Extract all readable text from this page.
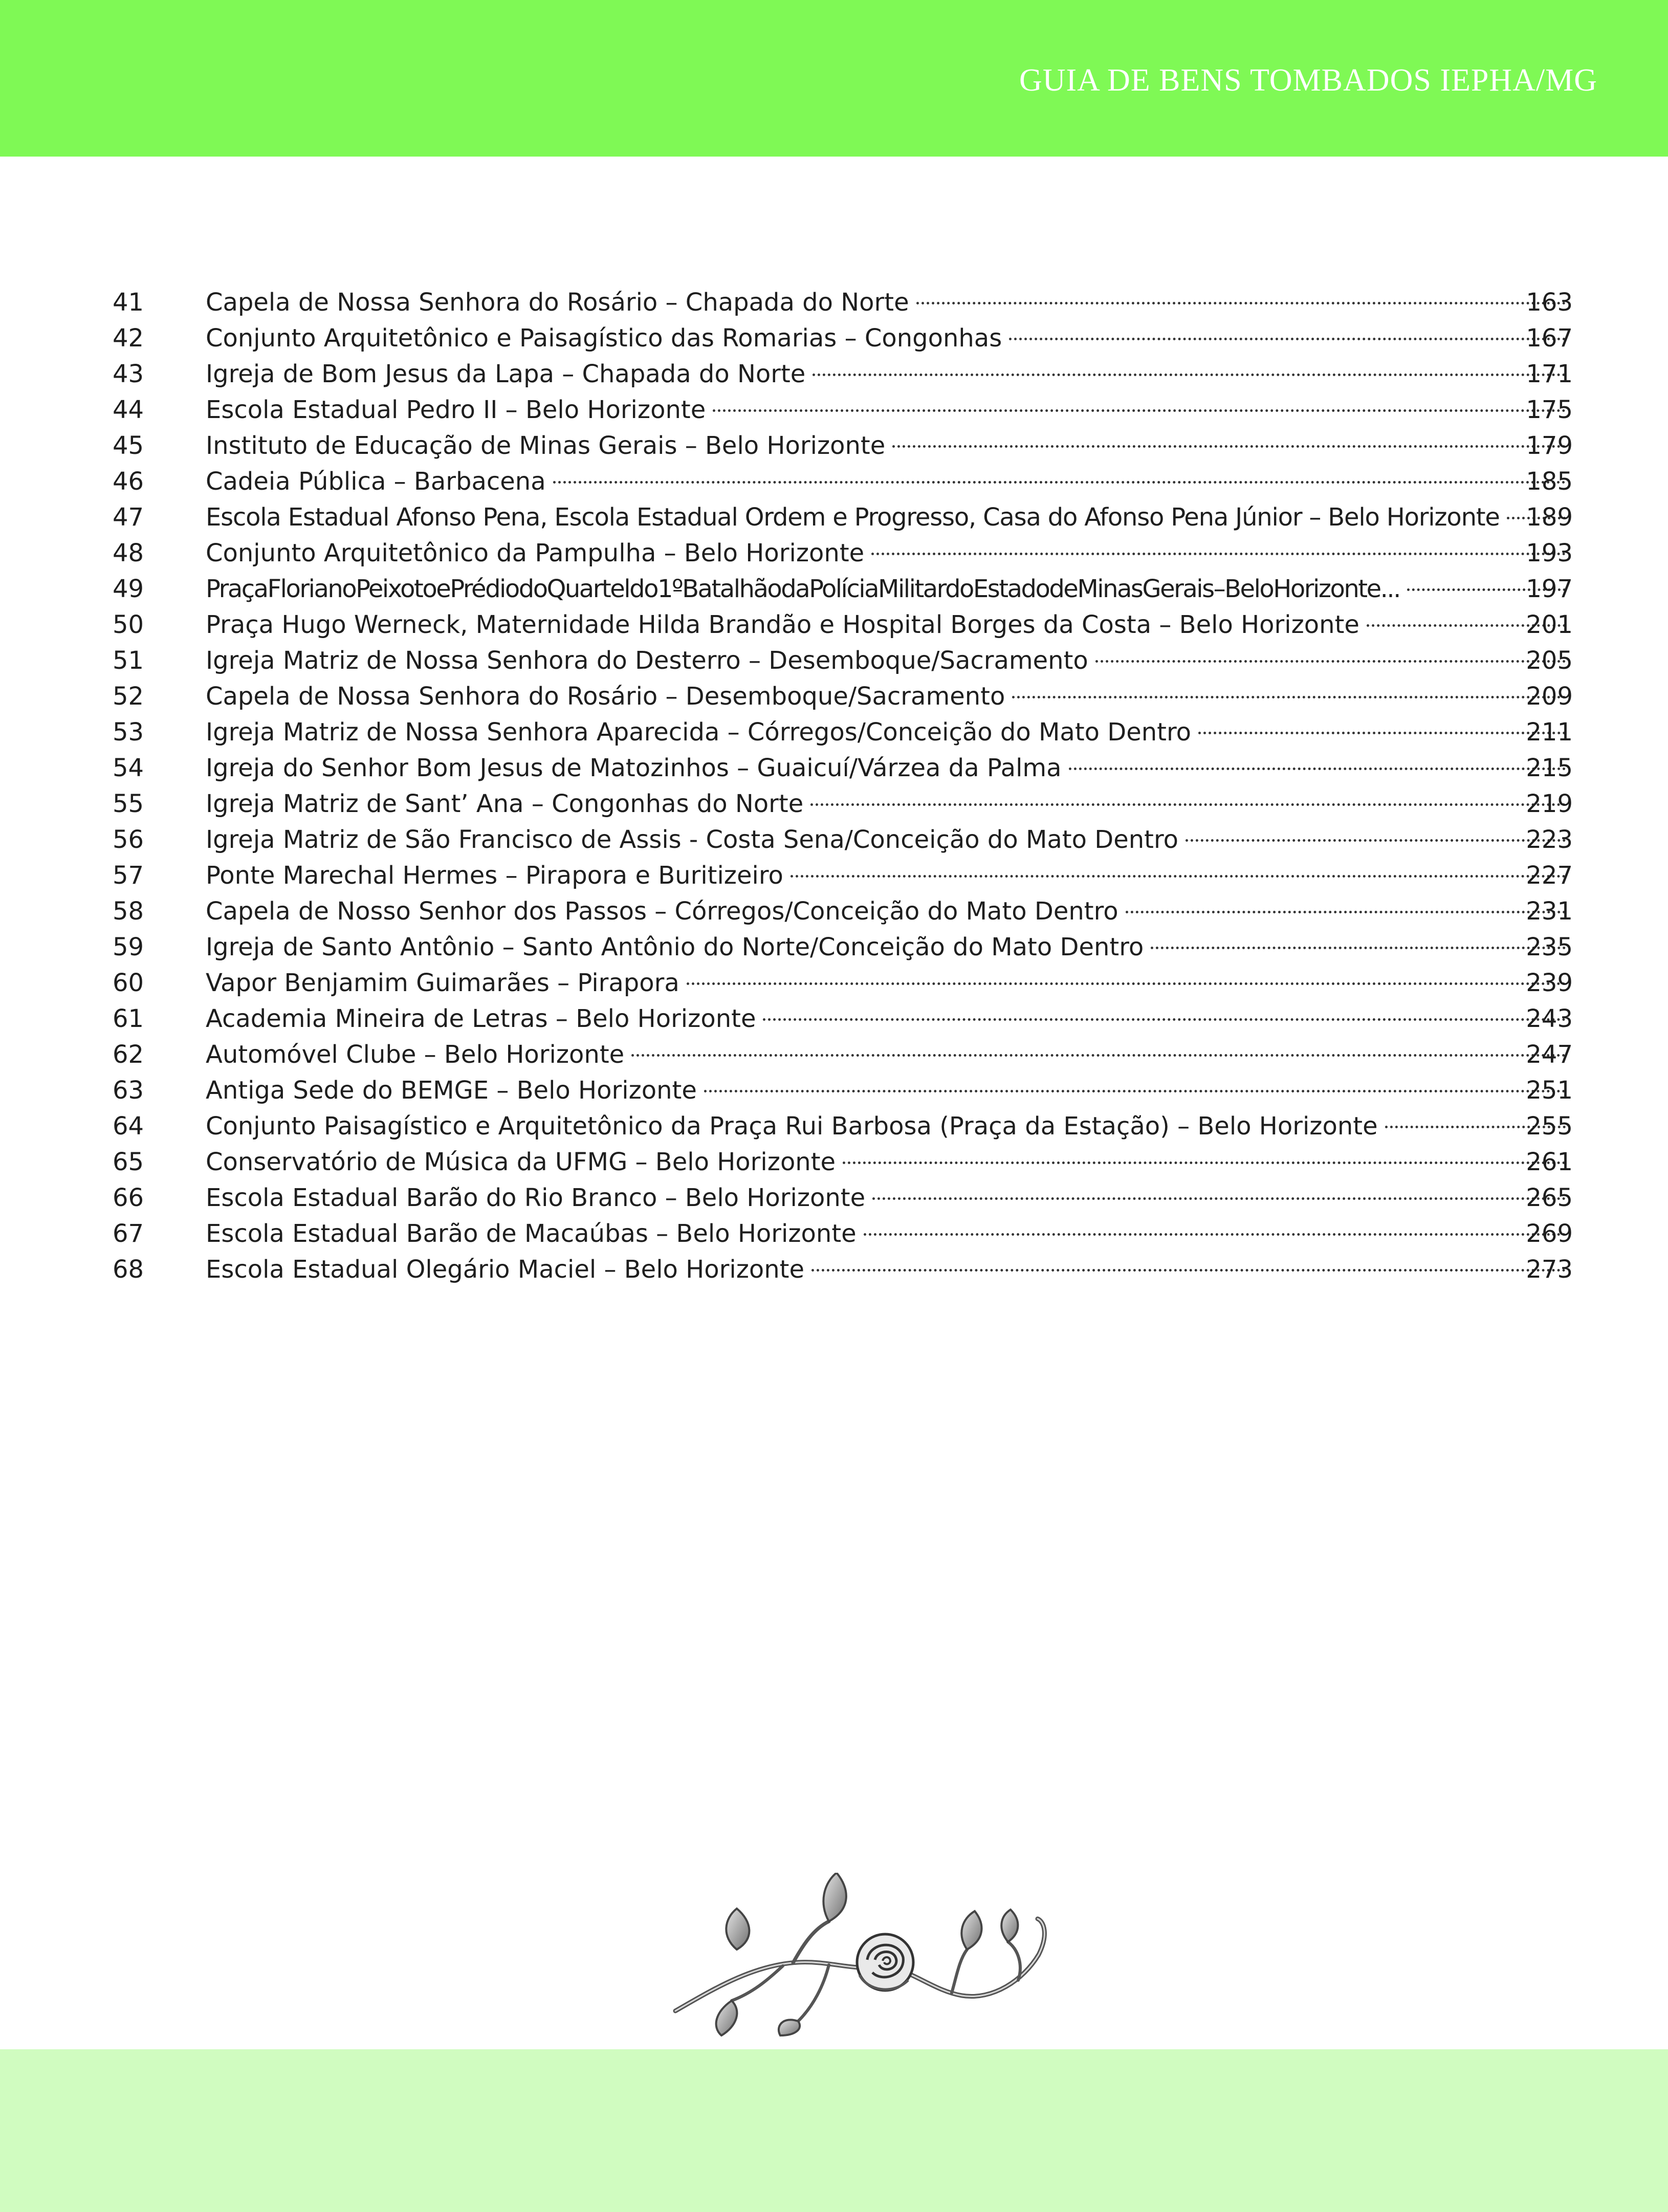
GUIA DE BENS TOMBADOS IEPHA/MG
41	Capela de Nossa Senhora do Rosário – Chapada do Norte	163
42	Conjunto Arquitetônico e Paisagístico das Romarias – Congonhas	167
43	Igreja de Bom Jesus da Lapa – Chapada do Norte	171
44	Escola Estadual Pedro II – Belo Horizonte	175
45	Instituto de Educação de Minas Gerais – Belo Horizonte	179
46	Cadeia Pública – Barbacena	185
47	Escola Estadual Afonso Pena, Escola Estadual Ordem e Progresso, Casa do Afonso Pena Júnior – Belo Horizonte	189
48	Conjunto Arquitetônico da Pampulha – Belo Horizonte	193
49	PraçaFlorianoPeixotoePrédiodoQuarteldo1ºBatalhãodaPolíciaMilitardoEstadodeMinasGerais–BeloHorizonte...	197
50	Praça Hugo Werneck, Maternidade Hilda Brandão e Hospital Borges da Costa – Belo Horizonte	201
51	Igreja Matriz de Nossa Senhora do Desterro – Desemboque/Sacramento	205
52	Capela de Nossa Senhora do Rosário – Desemboque/Sacramento	209
53	Igreja Matriz de Nossa Senhora Aparecida – Córregos/Conceição do Mato Dentro	211
54	Igreja do Senhor Bom Jesus de Matozinhos – Guaicuí/Várzea da Palma	215
55	Igreja Matriz de Sant’ Ana – Congonhas do Norte	219
56	Igreja Matriz de São Francisco de Assis - Costa Sena/Conceição do Mato Dentro	223
57	Ponte Marechal Hermes – Pirapora e Buritizeiro	227
58	Capela de Nosso Senhor dos Passos – Córregos/Conceição do Mato Dentro	231
59	Igreja de Santo Antônio – Santo Antônio do Norte/Conceição do Mato Dentro	235
60	Vapor Benjamim Guimarães – Pirapora	239
61	Academia Mineira de Letras – Belo Horizonte	243
62	Automóvel Clube – Belo Horizonte	247
63	Antiga Sede do BEMGE – Belo Horizonte	251
64	Conjunto Paisagístico e Arquitetônico da Praça Rui Barbosa (Praça da Estação) – Belo Horizonte	255
65	Conservatório de Música da UFMG – Belo Horizonte	261
66	Escola Estadual Barão do Rio Branco – Belo Horizonte	265
67	Escola Estadual Barão de Macaúbas – Belo Horizonte	269
68	Escola Estadual Olegário Maciel – Belo Horizonte	273
